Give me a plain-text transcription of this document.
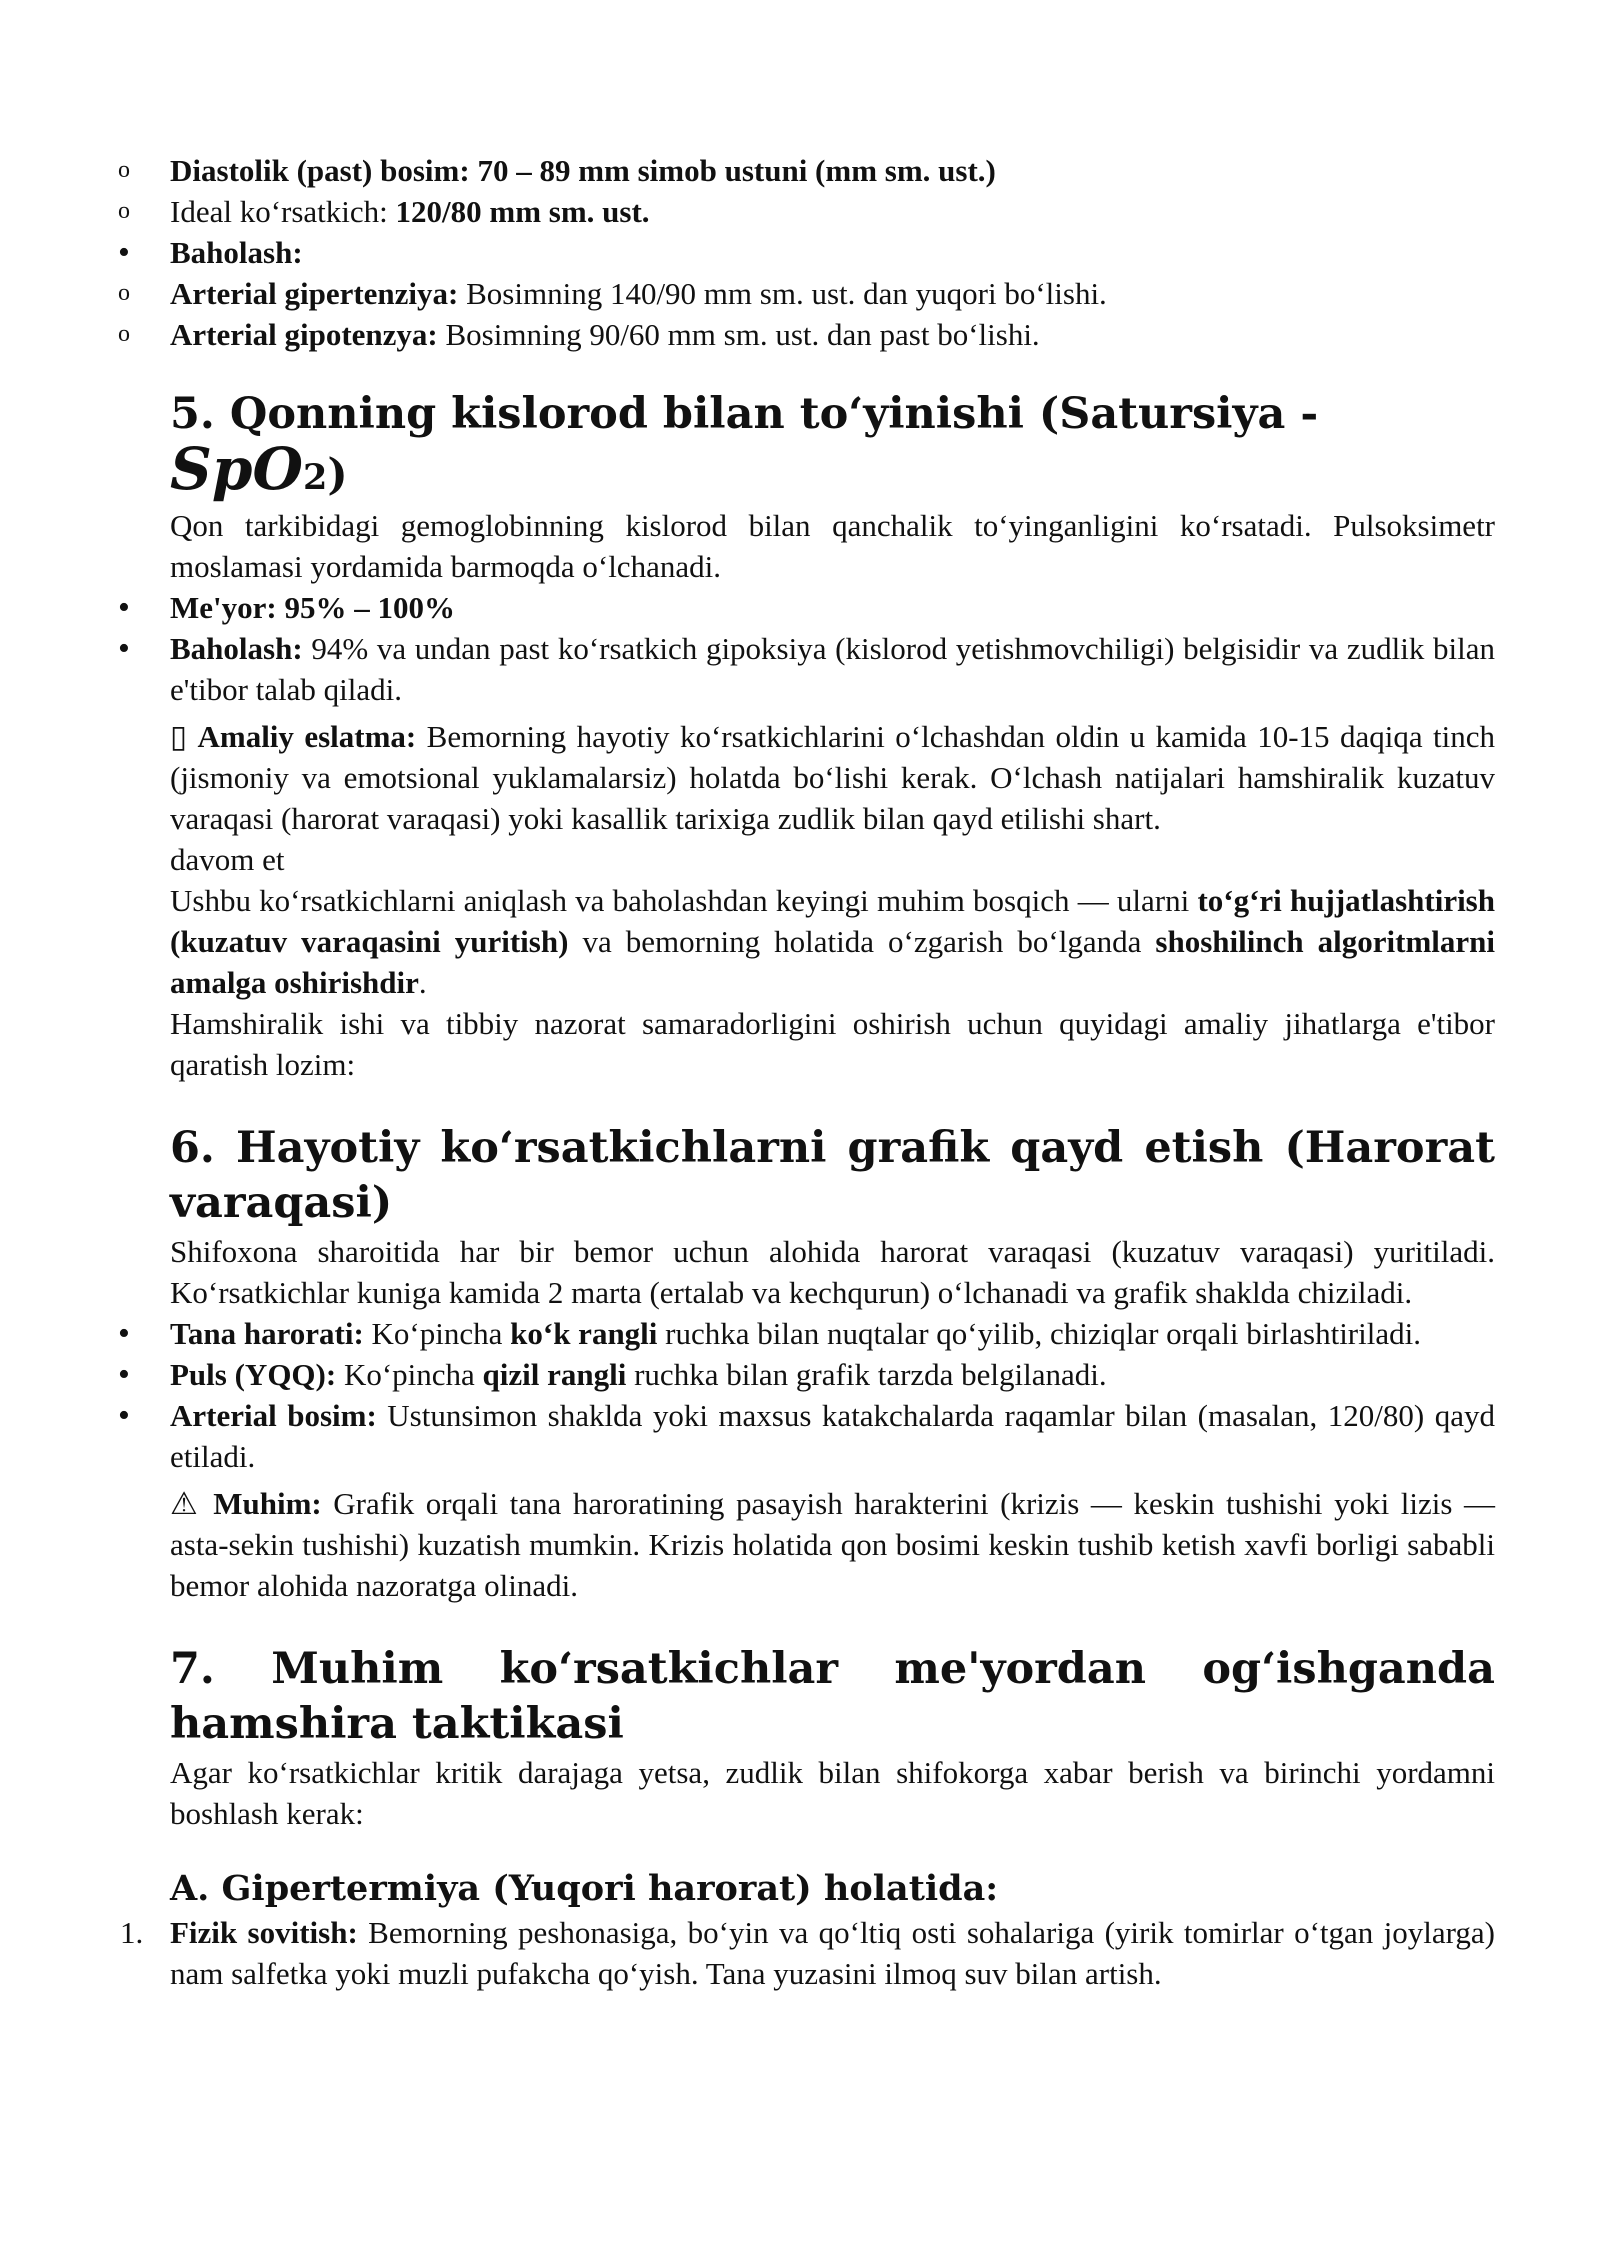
o	Diastolik (past) bosim: 70 – 89 mm simob ustuni (mm sm. ust.)
o	Ideal ko‘rsatkich: 120/80 mm sm. ust.
•	Baholash:
o	Arterial gipertenziya: Bosimning 140/90 mm sm. ust. dan yuqori bo‘lishi.
o	Arterial gipotenzya: Bosimning 90/60 mm sm. ust. dan past bo‘lishi.
5. Qonning kislorod bilan to‘yinishi (Satursiya - SpO2)

Qon tarkibidagi gemoglobinning kislorod bilan qanchalik to‘yinganligini ko‘rsatadi. Pulsoksimetr moslamasi yordamida barmoqda o‘lchanadi.

•	Me'yor: 95% – 100%
•	Baholash: 94% va undan past ko‘rsatkich gipoksiya (kislorod yetishmovchiligi) belgisidir va zudlik bilan e'tibor talab qiladi.

▯ Amaliy eslatma: Bemorning hayotiy ko‘rsatkichlarini o‘lchashdan oldin u kamida 10-15 daqiqa tinch (jismoniy va emotsional yuklamalarsiz) holatda bo‘lishi kerak. O‘lchash natijalari hamshiralik kuzatuv varaqasi (harorat varaqasi) yoki kasallik tarixiga zudlik bilan qayd etilishi shart.

davom et

Ushbu ko‘rsatkichlarni aniqlash va baholashdan keyingi muhim bosqich — ularni to‘g‘ri hujjatlashtirish (kuzatuv varaqasini yuritish) va bemorning holatida o‘zgarish bo‘lganda shoshilinch algoritmlarni amalga oshirishdir.

Hamshiralik ishi va tibbiy nazorat samaradorligini oshirish uchun quyidagi amaliy jihatlarga e'tibor qaratish lozim:

6. Hayotiy ko‘rsatkichlarni grafik qayd etish (Harorat varaqasi)

Shifoxona sharoitida har bir bemor uchun alohida harorat varaqasi (kuzatuv varaqasi) yuritiladi. Ko‘rsatkichlar kuniga kamida 2 marta (ertalab va kechqurun) o‘lchanadi va grafik shaklda chiziladi.

•	Tana harorati: Ko‘pincha ko‘k rangli ruchka bilan nuqtalar qo‘yilib, chiziqlar orqali birlashtiriladi.
•	Puls (YQQ): Ko‘pincha qizil rangli ruchka bilan grafik tarzda belgilanadi.
•	Arterial bosim: Ustunsimon shaklda yoki maxsus katakchalarda raqamlar bilan (masalan, 120/80) qayd etiladi.

⚠ Muhim: Grafik orqali tana haroratining pasayish harakterini (krizis — keskin tushishi yoki lizis — asta-sekin tushishi) kuzatish mumkin. Krizis holatida qon bosimi keskin tushib ketish xavfi borligi sababli bemor alohida nazoratga olinadi.

7. Muhim ko‘rsatkichlar me'yordan og‘ishganda hamshira taktikasi

Agar ko‘rsatkichlar kritik darajaga yetsa, zudlik bilan shifokorga xabar berish va birinchi yordamni boshlash kerak:

A. Gipertermiya (Yuqori harorat) holatida:
1. Fizik sovitish: Bemorning peshonasiga, bo‘yin va qo‘ltiq osti sohalariga (yirik tomirlar o‘tgan joylarga) nam salfetka yoki muzli pufakcha qo‘yish. Tana yuzasini ilmoq suv bilan artish.
